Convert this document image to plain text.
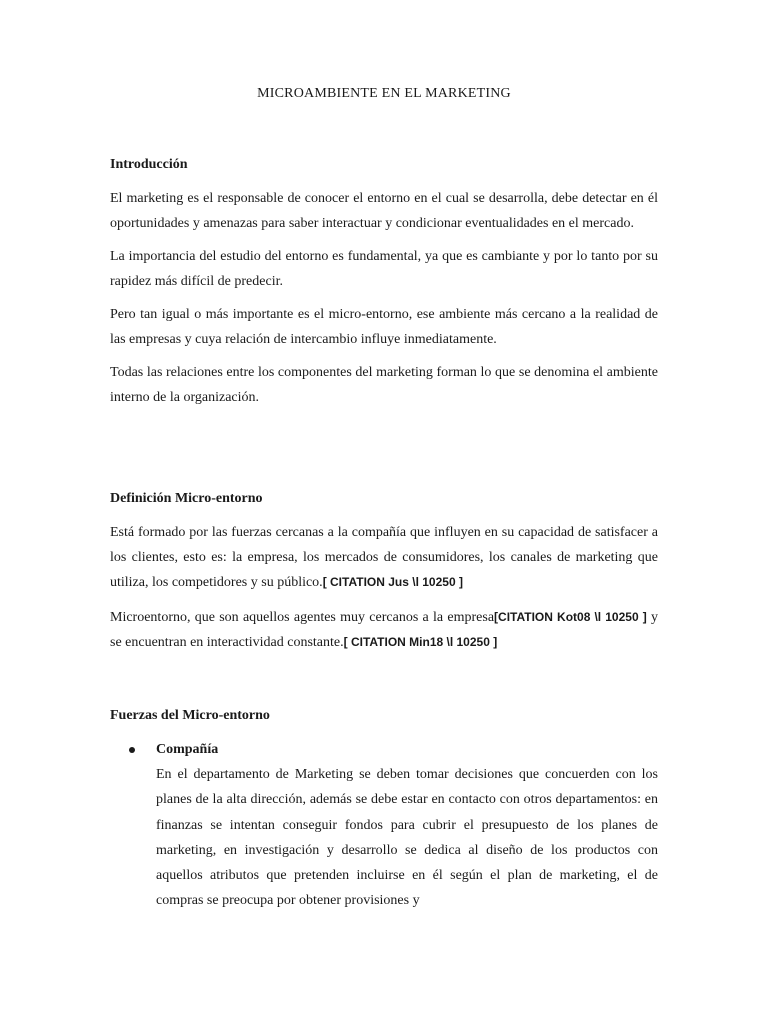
MICROAMBIENTE EN EL MARKETING
Introducción

El marketing es el responsable de conocer el entorno en el cual se desarrolla, debe detectar en él oportunidades y amenazas para saber interactuar y condicionar eventualidades en el mercado.

La importancia del estudio del entorno es fundamental, ya que es cambiante y por lo tanto por su rapidez más difícil de predecir.

Pero tan igual o más importante es el micro-entorno, ese ambiente más cercano a la realidad de las empresas y cuya relación de intercambio influye inmediatamente.

Todas las relaciones entre los componentes del marketing forman lo que se denomina el ambiente interno de la organización.

Definición Micro-entorno

Está formado por las fuerzas cercanas a la compañía que influyen en su capacidad de satisfacer a los clientes, esto es: la empresa, los mercados de consumidores, los canales de marketing que utiliza, los competidores y su público.[ CITATION Jus \l 10250 ]

Microentorno, que son aquellos agentes muy cercanos a la empresa[CITATION Kot08 \l 10250 ] y se encuentran en interactividad constante.[ CITATION Min18 \l 10250 ]

Fuerzas del Micro-entorno
Compañía
En el departamento de Marketing se deben tomar decisiones que concuerden con los planes de la alta dirección, además se debe estar en contacto con otros departamentos: en finanzas se intentan conseguir fondos para cubrir el presupuesto de los planes de marketing, en investigación y desarrollo se dedica al diseño de los productos con aquellos atributos que pretenden incluirse en él según el plan de marketing, el de compras se preocupa por obtener provisiones y
